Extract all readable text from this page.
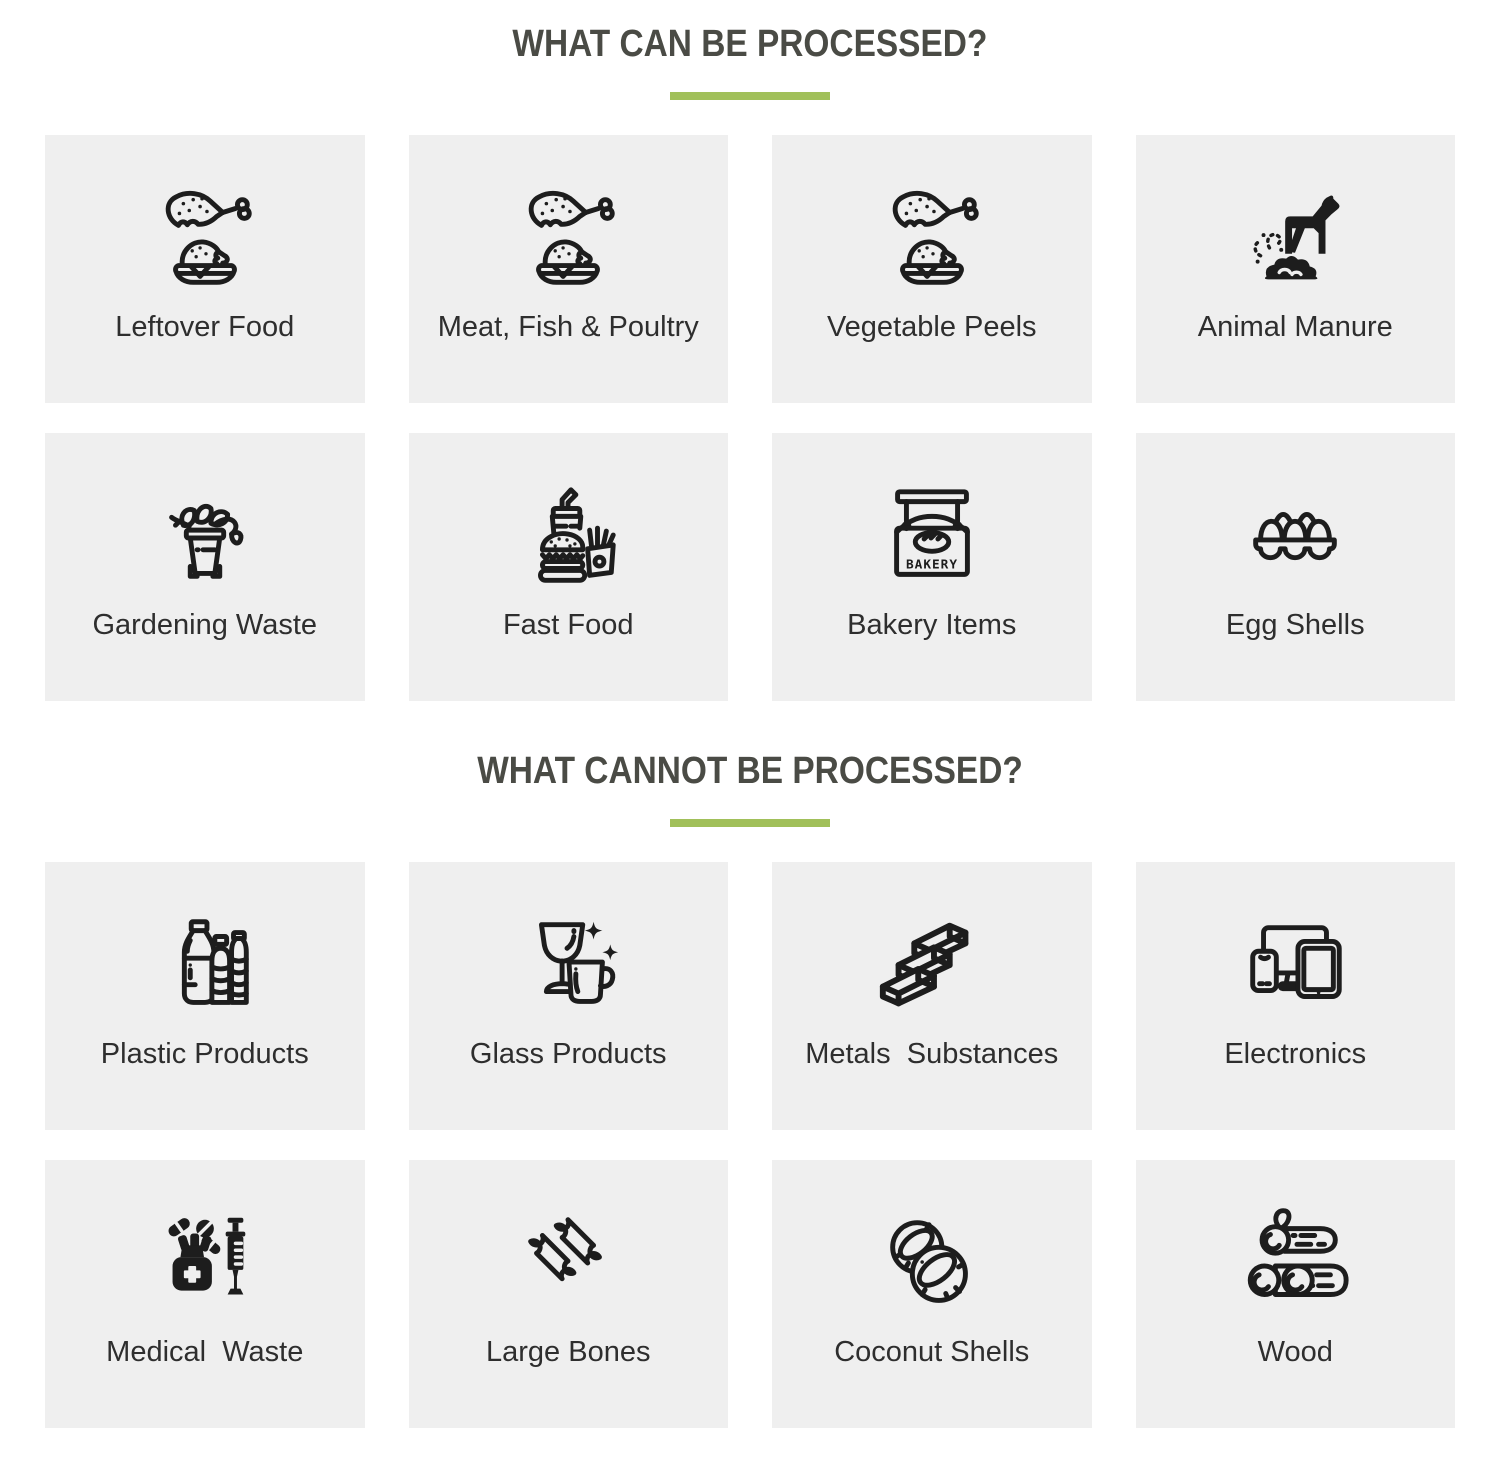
WHAT CAN BE PROCESSED?
Leftover Food	Meat, Fish & Poultry	Vegetable Peels	Animal Manure
Gardening Waste	Fast Food
BAKERY
Bakery Items	Egg Shells
WHAT CANNOT BE PROCESSED?
Plastic Products	Glass Products	Metals  Substances	Electronics
Medical  Waste	Large Bones	Coconut Shells	Wood
